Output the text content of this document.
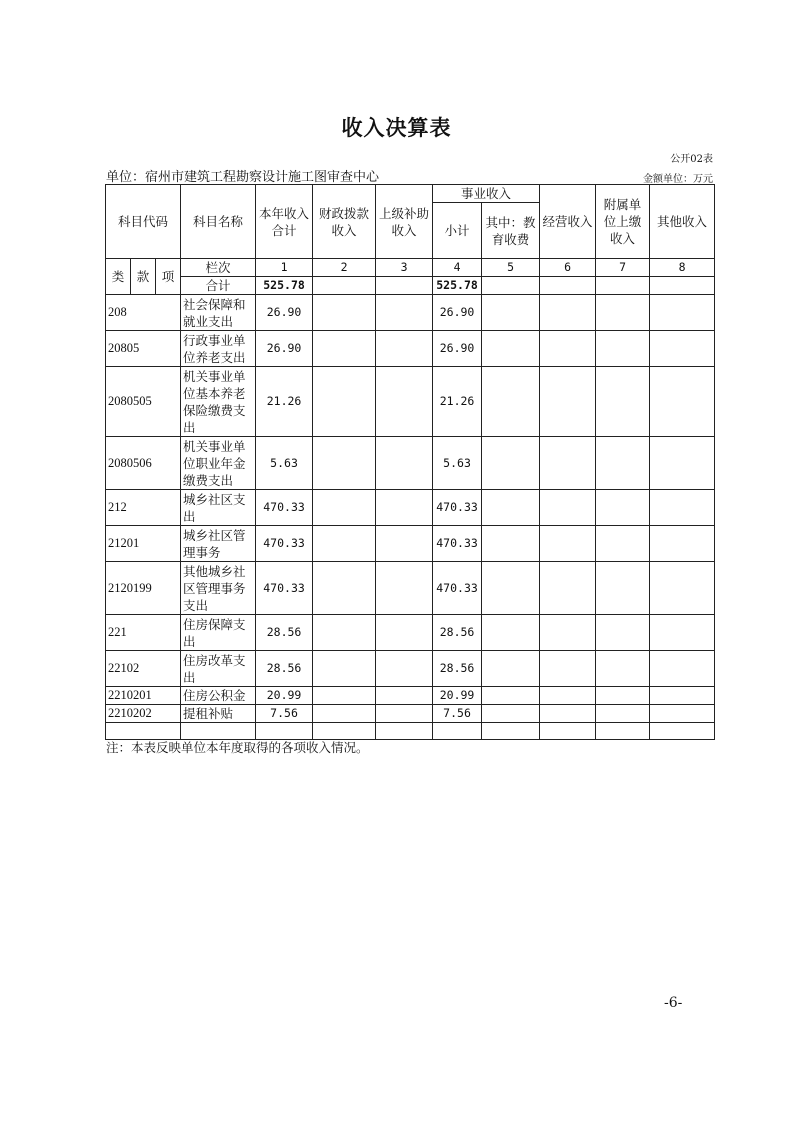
收入决算表
公开02表
单位：宿州市建筑工程勘察设计施工图审查中心	金额单位：万元
科目代码			科目名称	本年收入合计	财政拨款收入	上级补助收入	事业收入		经营收入	附属单位上缴收入	其他收入
							小计	其中：教育收费			
类	款	项	栏次	1	2	3	4	5	6	7	8
			合计	525.78			525.78				
208			社会保障和就业支出	26.90			26.90				
20805			行政事业单位养老支出	26.90			26.90				
2080505			机关事业单位基本养老保险缴费支出	21.26			21.26				
2080506			机关事业单位职业年金缴费支出	5.63			5.63				
212			城乡社区支出	470.33			470.33				
21201			城乡社区管理事务	470.33			470.33				
2120199			其他城乡社区管理事务支出	470.33			470.33				
221			住房保障支出	28.56			28.56				
22102			住房改革支出	28.56			28.56				
2210201			住房公积金	20.99			20.99				
2210202			提租补贴	7.56			7.56				

注：本表反映单位本年度取得的各项收入情况。
-6-
